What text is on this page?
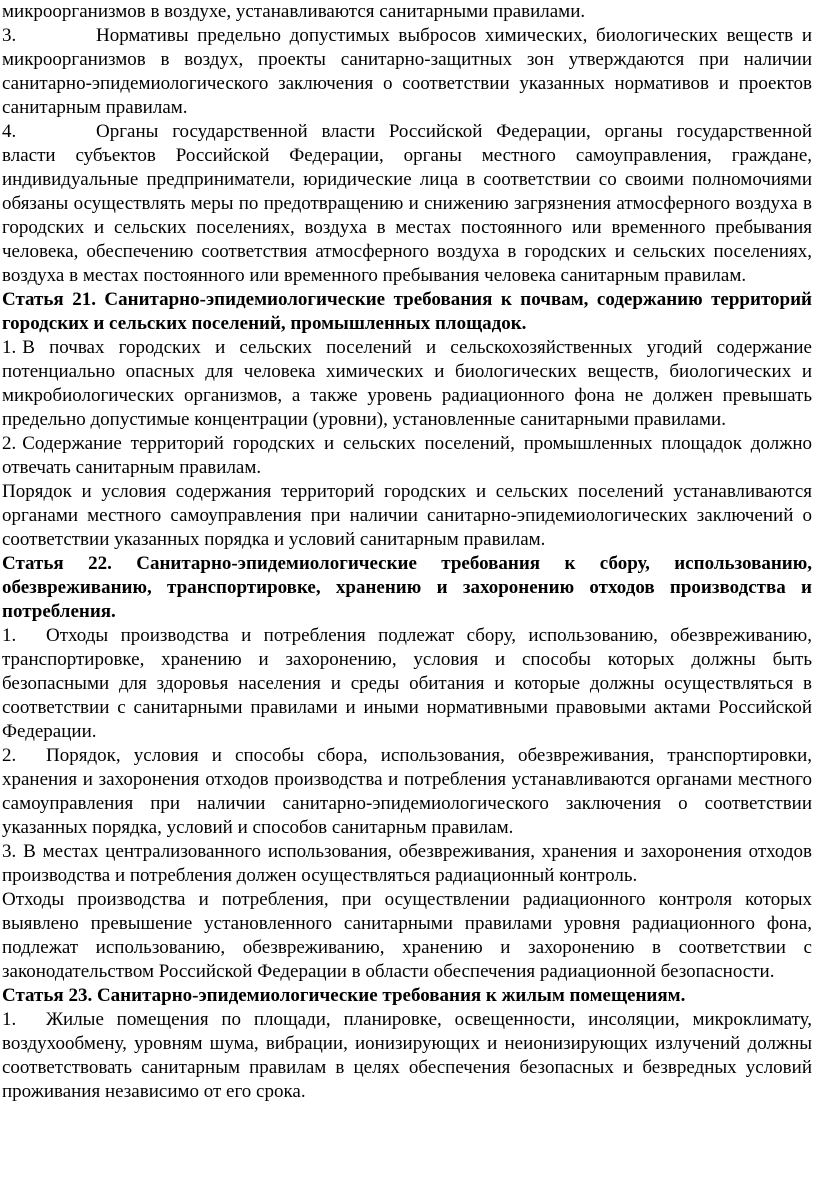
микроорганизмов в воздухе, устанавливаются санитарными правилами.

3.	Нормативы предельно допустимых выбросов химических, биологических веществ и микроорганизмов в воздух, проекты санитарно-защитных зон утверждаются при наличии санитарно-эпидемиологического заключения о соответствии указанных нормативов и проектов санитарным правилам.

4.	Органы государственной власти Российской Федерации, органы государственной власти субъектов Российской Федерации, органы местного самоуправления, граждане, индивидуальные предприниматели, юридические лица в соответствии со своими полномочиями обязаны осуществлять меры по предотвращению и снижению загрязнения атмосферного воздуха в городских и сельских поселениях, воздуха в местах постоянного или временного пребывания человека, обеспечению соответствия атмосферного воздуха в городских и сельских поселениях, воздуха в местах постоянного или временного пребывания человека санитарным правилам.

Статья 21. Санитарно-эпидемиологические требования к почвам, содержанию территорий городских и сельских поселений, промышленных площадок.

1. В почвах городских и сельских поселений и сельскохозяйственных угодий содержание потенциально опасных для человека химических и биологических веществ, биологических и микробиологических организмов, а также уровень радиационного фона не должен превышать предельно допустимые концентрации (уровни), установленные санитарными правилами.

2. Содержание территорий городских и сельских поселений, промышленных площадок должно отвечать санитарным правилам.

Порядок и условия содержания территорий городских и сельских поселений устанавливаются органами местного самоуправления при наличии санитарно-эпидемиологических заключений о соответствии указанных порядка и условий санитарным правилам.

Статья 22. Санитарно-эпидемиологические требования к сбору, использованию, обезвреживанию, транспортировке, хранению и захоронению отходов производства и потребления.

1. Отходы производства и потребления подлежат сбору, использованию, обезвреживанию, транспортировке, хранению и захоронению, условия и способы которых должны быть безопасными для здоровья населения и среды обитания и которые должны осуществляться в соответствии с санитарными правилами и иными нормативными правовыми актами Российской Федерации.

2. Порядок, условия и способы сбора, использования, обезвреживания, транспортировки, хранения и захоронения отходов производства и потребления устанавливаются органами местного самоуправления при наличии санитарно-эпидемиологического заключения о соответствии указанных порядка, условий и способов санитарньм правилам.

3. В местах централизованного использования, обезвреживания, хранения и захоронения отходов производства и потребления должен осуществляться радиационный контроль.

Отходы производства и потребления, при осуществлении радиационного контроля которых выявлено превышение установленного санитарными правилами уровня радиационного фона, подлежат использованию, обезвреживанию, хранению и захоронению в соответствии с законодательством Российской Федерации в области обеспечения радиационной безопасности.

Статья 23. Санитарно-эпидемиологические требования к жилым помещениям.

1. Жилые помещения по площади, планировке, освещенности, инсоляции, микроклимату, воздухообмену, уровням шума, вибрации, ионизирующих и неионизирующих излучений должны соответствовать санитарным правилам в целях обеспечения безопасных и безвредных условий проживания независимо от его срока.
